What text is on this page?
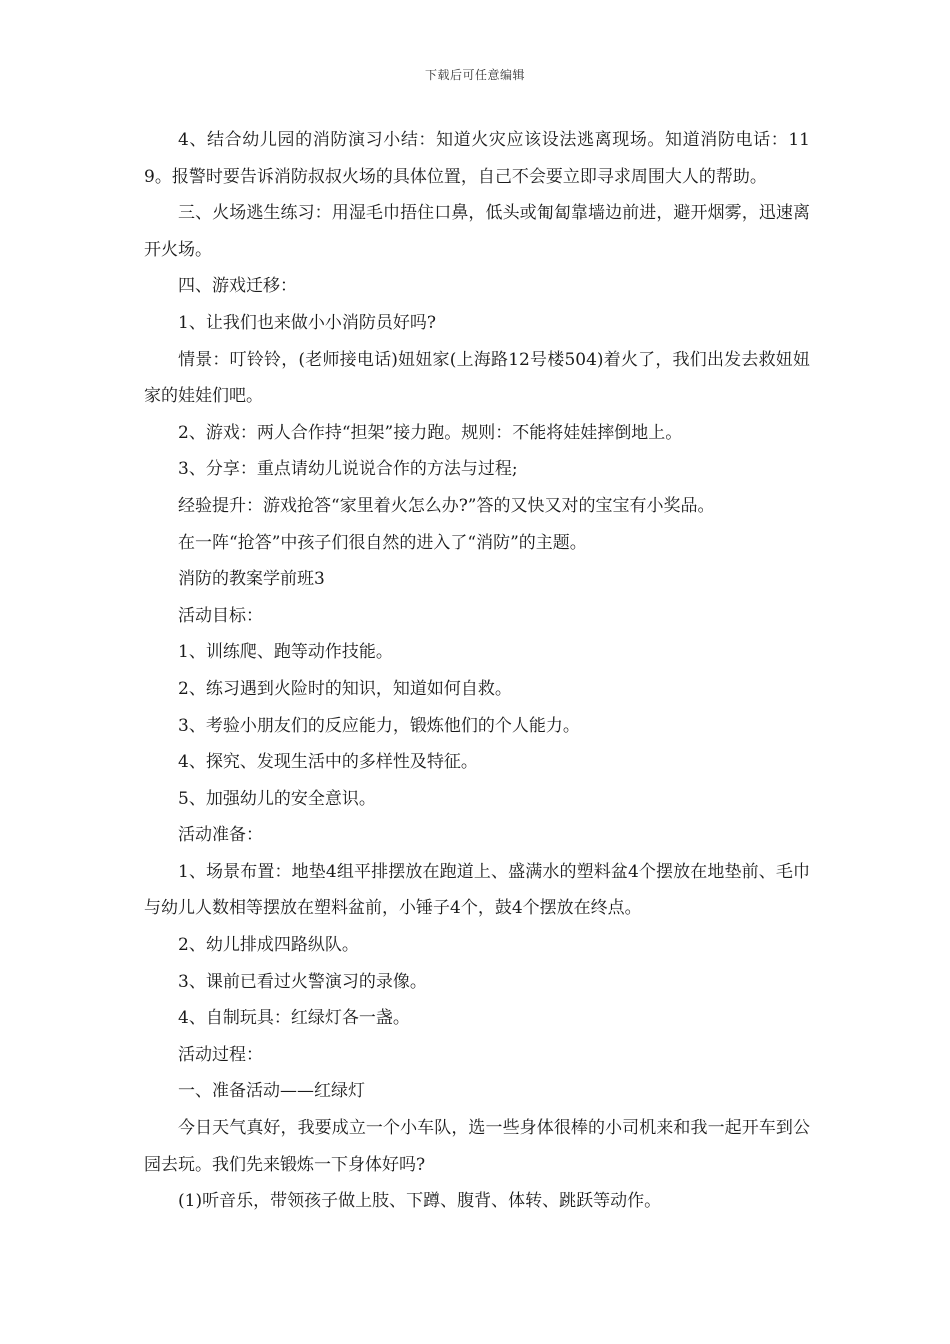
下载后可任意编辑

4、结合幼儿园的消防演习小结：知道火灾应该设法逃离现场。知道消防电话：119。报警时要告诉消防叔叔火场的具体位置，自己不会要立即寻求周围大人的帮助。

三、火场逃生练习：用湿毛巾捂住口鼻，低头或匍匐靠墙边前进，避开烟雾，迅速离开火场。

四、游戏迁移：

1、让我们也来做小小消防员好吗?

情景：叮铃铃，(老师接电话)妞妞家(上海路12号楼504)着火了，我们出发去救妞妞家的娃娃们吧。

2、游戏：两人合作持“担架”接力跑。规则：不能将娃娃摔倒地上。

3、分享：重点请幼儿说说合作的方法与过程;

经验提升：游戏抢答“家里着火怎么办?”答的又快又对的宝宝有小奖品。

在一阵“抢答”中孩子们很自然的进入了“消防”的主题。

消防的教案学前班3

活动目标：

1、训练爬、跑等动作技能。

2、练习遇到火险时的知识，知道如何自救。

3、考验小朋友们的反应能力，锻炼他们的个人能力。

4、探究、发现生活中的多样性及特征。

5、加强幼儿的安全意识。

活动准备：

1、场景布置：地垫4组平排摆放在跑道上、盛满水的塑料盆4个摆放在地垫前、毛巾与幼儿人数相等摆放在塑料盆前，小锤子4个，鼓4个摆放在终点。

2、幼儿排成四路纵队。

3、课前已看过火警演习的录像。

4、自制玩具：红绿灯各一盏。

活动过程：

一、准备活动——红绿灯

今日天气真好，我要成立一个小车队，选一些身体很棒的小司机来和我一起开车到公园去玩。我们先来锻炼一下身体好吗?

(1)听音乐，带领孩子做上肢、下蹲、腹背、体转、跳跃等动作。
